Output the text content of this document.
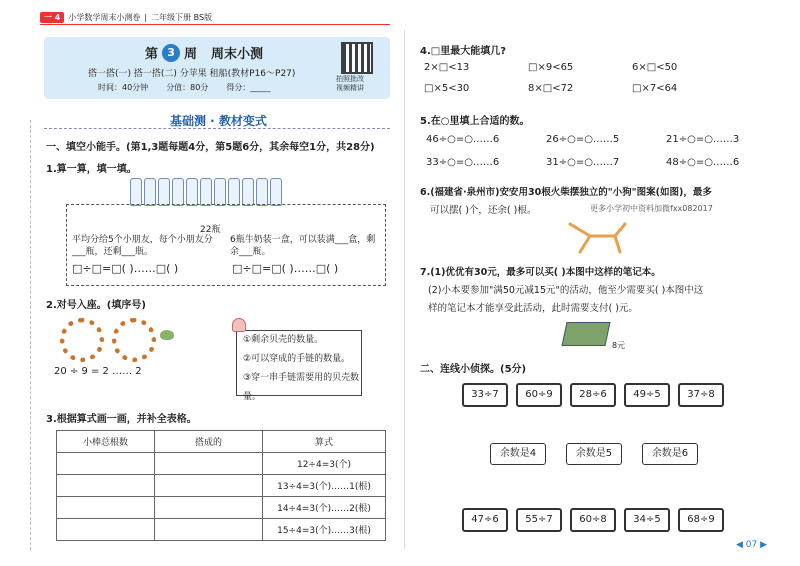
一 4	小学数学周末小测卷 | 二年级下册 BS版
第 3 周 周末小测
搭一搭(一) 搭一搭(二) 分苹果 租船(教材P16～P27)
时间：40分钟 分值：80分 得分：_____
拍照批改
视频精讲
基础测 · 教材变式
一、填空小能手。(第1,3题每题4分，第5题6分，其余每空1分，共28分)
1.算一算，填一填。
22瓶
平均分给5个小朋友，每个小朋友分___瓶，还剩___瓶。
□÷□=□( )……□( )
6瓶牛奶装一盒，可以装满___盒，剩余___瓶。
□÷□=□( )……□( )
2.对号入座。(填序号)
20 ÷ 9 = 2 …… 2
①剩余贝壳的数量。
②可以穿成的手链的数量。
③穿一串手链需要用的贝壳数量。
3.根据算式画一画，并补全表格。
小棒总根数	搭成的	算式
		12÷4=3(个)
		13÷4=3(个)……1(根)
		14÷4=3(个)……2(根)
		15÷4=3(个)……3(根)
4.□里最大能填几?
2×□<13	□×9<65	6×□<50
□×5<30	8×□<72	□×7<64
5.在○里填上合适的数。
46÷○=○……6	26÷○=○……5	21÷○=○……3
33÷○=○……6	31÷○=○……7	48÷○=○……6
6.(福建省·泉州市)安安用30根火柴摆独立的"小狗"图案(如图)，最多
可以摆( )个，还余( )根。	更多小学初中资料加微fxx082017
7.(1)优优有30元，最多可以买( )本图中这样的笔记本。
(2)小本要参加"满50元减15元"的活动，他至少需要买( )本图中这
样的笔记本才能享受此活动，此时需要支付( )元。
8元
二、连线小侦探。(5分)
33÷7	60÷9	28÷6	49÷5	37÷8
余数是4	余数是5	余数是6
47÷6	55÷7	60÷8	34÷5	68÷9
◀ 07 ▶
